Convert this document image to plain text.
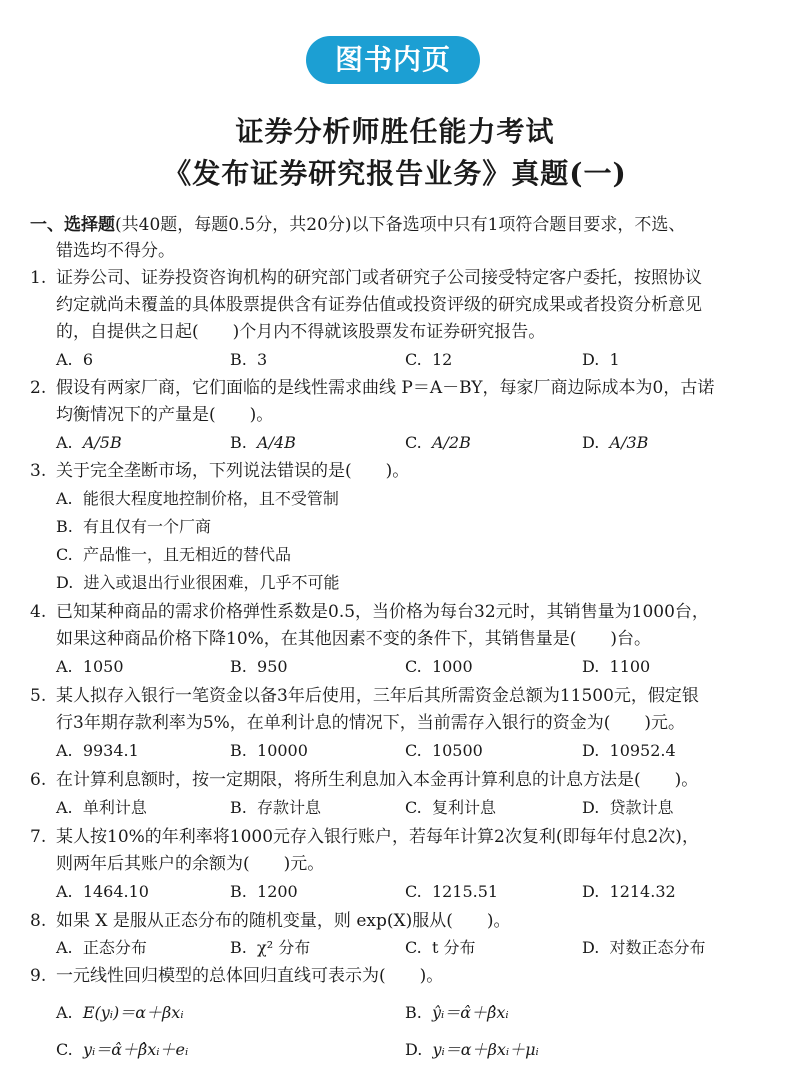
图书内页
证券分析师胜任能力考试
《发布证券研究报告业务》真题(一)
一、选择题(共40题，每题0.5分，共20分)以下备选项中只有1项符合题目要求，不选、
错选均不得分。
1. 证券公司、证券投资咨询机构的研究部门或者研究子公司接受特定客户委托，按照协议
约定就尚未覆盖的具体股票提供含有证券估值或投资评级的研究成果或者投资分析意见
的，自提供之日起(　　)个月内不得就该股票发布证券研究报告。
A. 6	B. 3	C. 12	D. 1
2. 假设有两家厂商，它们面临的是线性需求曲线 P＝A－BY，每家厂商边际成本为0，古诺
均衡情况下的产量是(　　)。
A. A/5B	B. A/4B	C. A/2B	D. A/3B
3. 关于完全垄断市场，下列说法错误的是(　　)。
A. 能很大程度地控制价格，且不受管制
B. 有且仅有一个厂商
C. 产品惟一，且无相近的替代品
D. 进入或退出行业很困难，几乎不可能
4. 已知某种商品的需求价格弹性系数是0.5，当价格为每台32元时，其销售量为1000台，
如果这种商品价格下降10%，在其他因素不变的条件下，其销售量是(　　)台。
A. 1050	B. 950	C. 1000	D. 1100
5. 某人拟存入银行一笔资金以备3年后使用，三年后其所需资金总额为11500元，假定银
行3年期存款利率为5%，在单利计息的情况下，当前需存入银行的资金为(　　)元。
A. 9934.1	B. 10000	C. 10500	D. 10952.4
6. 在计算利息额时，按一定期限，将所生利息加入本金再计算利息的计息方法是(　　)。
A. 单利计息	B. 存款计息	C. 复利计息	D. 贷款计息
7. 某人按10%的年利率将1000元存入银行账户，若每年计算2次复利(即每年付息2次)，
则两年后其账户的余额为(　　)元。
A. 1464.10	B. 1200	C. 1215.51	D. 1214.32
8. 如果 X 是服从正态分布的随机变量，则 exp(X)服从(　　)。
A. 正态分布	B. χ² 分布	C. t 分布	D. 对数正态分布
9. 一元线性回归模型的总体回归直线可表示为(　　)。
A. E(yᵢ)＝α＋βxᵢ	B. ŷᵢ＝α̂＋β̂xᵢ
C. yᵢ＝α̂＋β̂xᵢ＋eᵢ	D. yᵢ＝α＋βxᵢ＋μᵢ
